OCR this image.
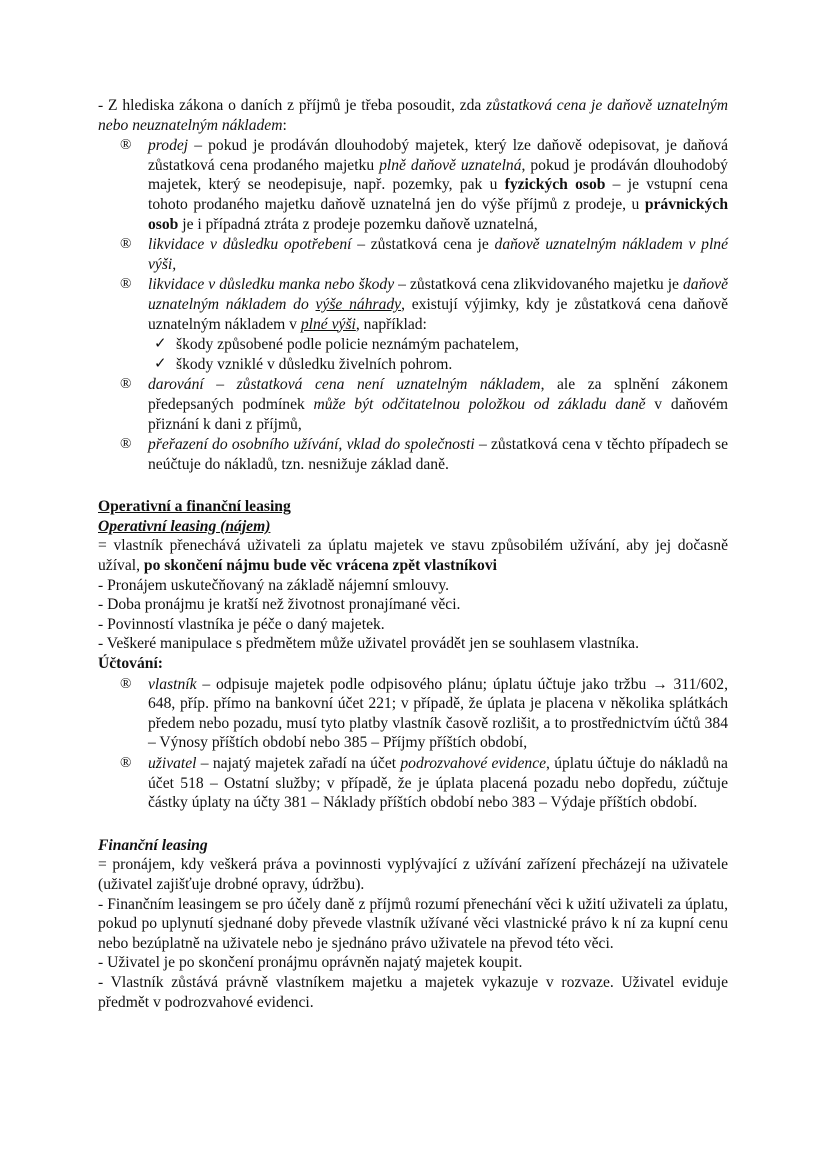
- Z hlediska zákona o daních z příjmů je třeba posoudit, zda zůstatková cena je daňově uznatelným nebo neuznatelným nákladem:

® prodej – pokud je prodáván dlouhodobý majetek, který lze daňově odepisovat, je daňová zůstatková cena prodaného majetku plně daňově uznatelná, pokud je prodáván dlouhodobý majetek, který se neodepisuje, např. pozemky, pak u fyzických osob – je vstupní cena tohoto prodaného majetku daňově uznatelná jen do výše příjmů z prodeje, u právnických osob je i případná ztráta z prodeje pozemku daňově uznatelná,
® likvidace v důsledku opotřebení – zůstatková cena je daňově uznatelným nákladem v plné výši,
® likvidace v důsledku manka nebo škody – zůstatková cena zlikvidovaného majetku je daňově uznatelným nákladem do výše náhrady, existují výjimky, kdy je zůstatková cena daňově uznatelným nákladem v plné výši, například:
✓ škody způsobené podle policie neznámým pachatelem,
✓ škody vzniklé v důsledku živelních pohrom.
® darování – zůstatková cena není uznatelným nákladem, ale za splnění zákonem předepsaných podmínek může být odčitatelnou položkou od základu daně v daňovém přiznání k dani z příjmů,
® přeřazení do osobního užívání, vklad do společnosti – zůstatková cena v těchto případech se neúčtuje do nákladů, tzn. nesnižuje základ daně.

Operativní a finanční leasing

Operativní leasing (nájem)

= vlastník přenechává uživateli za úplatu majetek ve stavu způsobilém užívání, aby jej dočasně užíval, po skončení nájmu bude věc vrácena zpět vlastníkovi

- Pronájem uskutečňovaný na základě nájemní smlouvy.

- Doba pronájmu je kratší než životnost pronajímané věci.

- Povinností vlastníka je péče o daný majetek.

- Veškeré manipulace s předmětem může uživatel provádět jen se souhlasem vlastníka.

Účtování:

® vlastník – odpisuje majetek podle odpisového plánu; úplatu účtuje jako tržbu → 311/602, 648, příp. přímo na bankovní účet 221; v případě, že úplata je placena v několika splátkách předem nebo pozadu, musí tyto platby vlastník časově rozlišit, a to prostřednictvím účtů 384 – Výnosy příštích období nebo 385 – Příjmy příštích období,
® uživatel – najatý majetek zařadí na účet podrozvahové evidence, úplatu účtuje do nákladů na účet 518 – Ostatní služby; v případě, že je úplata placená pozadu nebo dopředu, zúčtuje částky úplaty na účty 381 – Náklady příštích období nebo 383 – Výdaje příštích období.

Finanční leasing

= pronájem, kdy veškerá práva a povinnosti vyplývající z užívání zařízení přecházejí na uživatele (uživatel zajišťuje drobné opravy, údržbu).

- Finančním leasingem se pro účely daně z příjmů rozumí přenechání věci k užití uživateli za úplatu, pokud po uplynutí sjednané doby převede vlastník užívané věci vlastnické právo k ní za kupní cenu nebo bezúplatně na uživatele nebo je sjednáno právo uživatele na převod této věci.

- Uživatel je po skončení pronájmu oprávněn najatý majetek koupit.

- Vlastník zůstává právně vlastníkem majetku a majetek vykazuje v rozvaze. Uživatel eviduje předmět v podrozvahové evidenci.
